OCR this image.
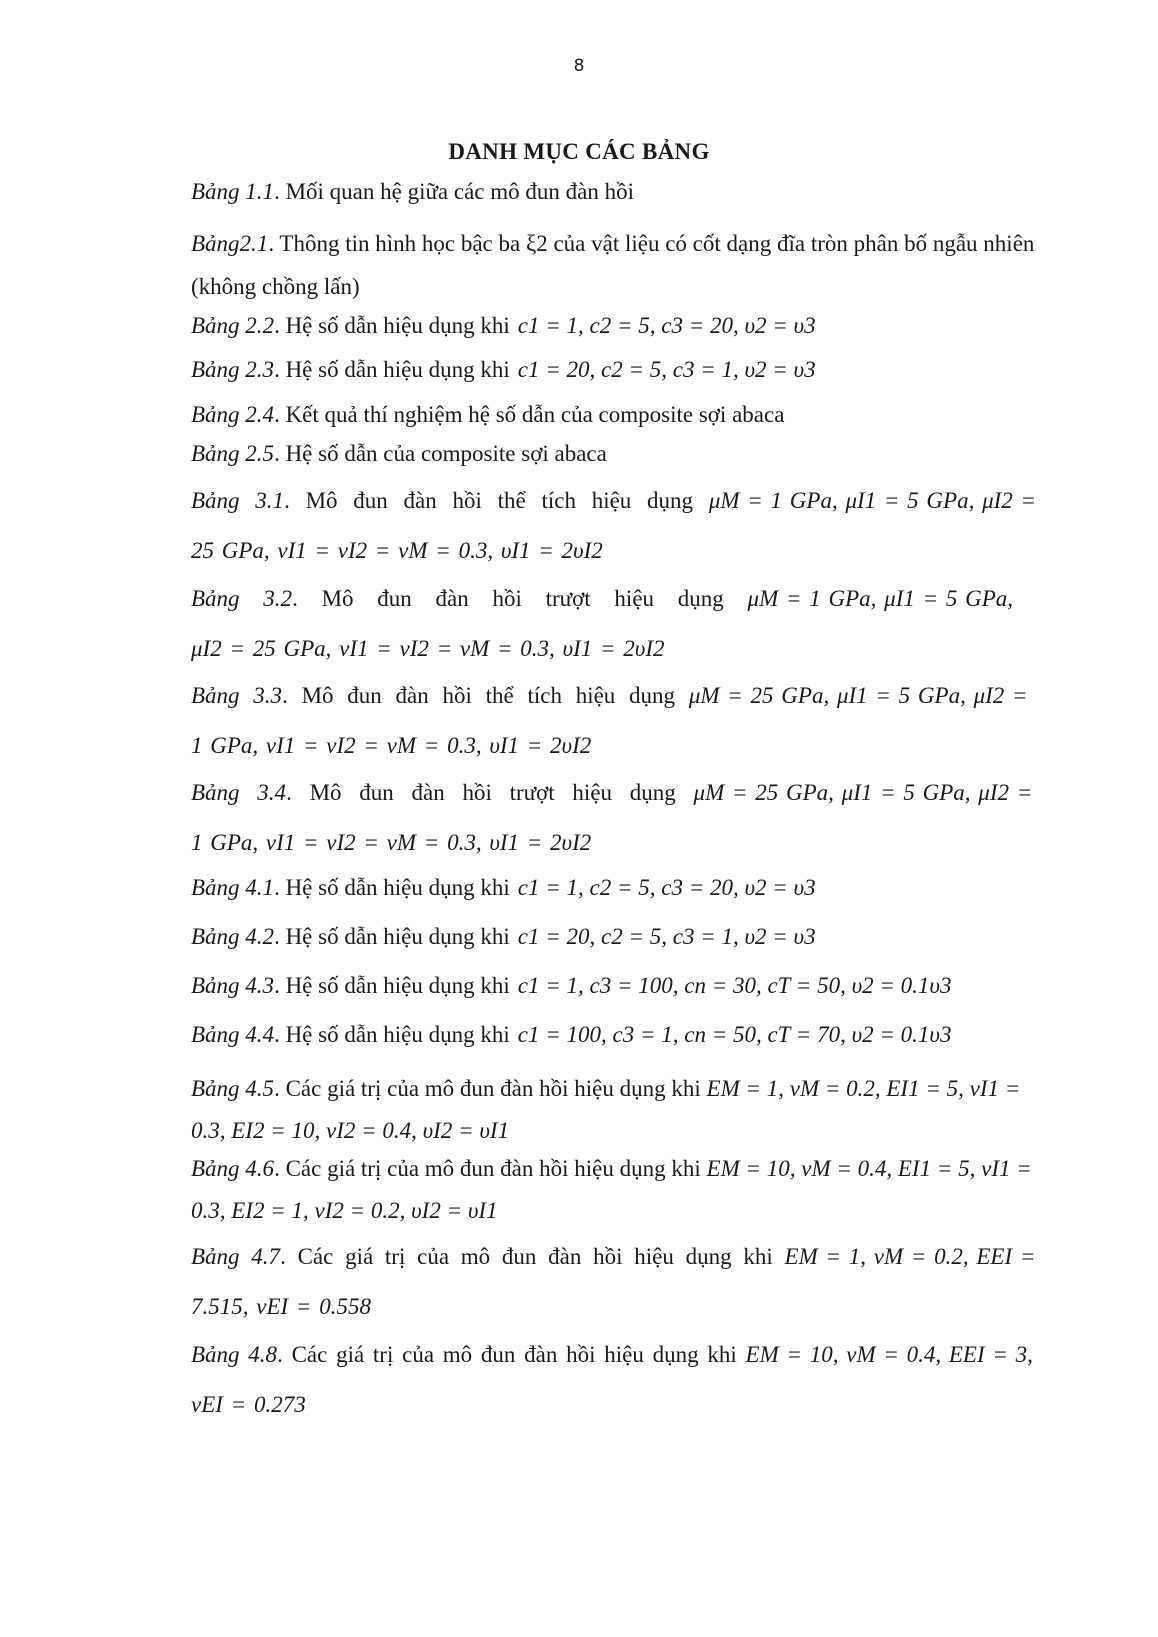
8
DANH MỤC CÁC BẢNG
Bảng 1.1. Mối quan hệ giữa các mô đun đàn hồi
Bảng2.1. Thông tin hình học bậc ba ξ2 của vật liệu có cốt dạng đĩa tròn phân bố ngẫu nhiên (không chồng lấn)
Bảng 2.2. Hệ số dẫn hiệu dụng khi c1 = 1, c2 = 5, c3 = 20, υ2 = υ3
Bảng 2.3. Hệ số dẫn hiệu dụng khi c1 = 20, c2 = 5, c3 = 1, υ2 = υ3
Bảng 2.4. Kết quả thí nghiệm hệ số dẫn của composite sợi abaca
Bảng 2.5. Hệ số dẫn của composite sợi abaca
Bảng 3.1. Mô đun đàn hồi thể tích hiệu dụng μM = 1 GPa, μI1 = 5 GPa, μI2 = 25 GPa, νI1 = νI2 = νM = 0.3, υI1 = 2υI2
Bảng 3.2. Mô đun đàn hồi trượt hiệu dụng μM = 1 GPa, μI1 = 5 GPa, μI2 = 25 GPa, νI1 = νI2 = νM = 0.3, υI1 = 2υI2
Bảng 3.3. Mô đun đàn hồi thể tích hiệu dụng μM = 25 GPa, μI1 = 5 GPa, μI2 = 1 GPa, νI1 = νI2 = νM = 0.3, υI1 = 2υI2
Bảng 3.4. Mô đun đàn hồi trượt hiệu dụng μM = 25 GPa, μI1 = 5 GPa, μI2 = 1 GPa, νI1 = νI2 = νM = 0.3, υI1 = 2υI2
Bảng 4.1. Hệ số dẫn hiệu dụng khi c1 = 1, c2 = 5, c3 = 20, υ2 = υ3
Bảng 4.2. Hệ số dẫn hiệu dụng khi c1 = 20, c2 = 5, c3 = 1, υ2 = υ3
Bảng 4.3. Hệ số dẫn hiệu dụng khi c1 = 1, c3 = 100, cn = 30, cT = 50, υ2 = 0.1υ3
Bảng 4.4. Hệ số dẫn hiệu dụng khi c1 = 100, c3 = 1, cn = 50, cT = 70, υ2 = 0.1υ3
Bảng 4.5. Các giá trị của mô đun đàn hồi hiệu dụng khi EM = 1, νM = 0.2, EI1 = 5, νI1 = 0.3, EI2 = 10, νI2 = 0.4, υI2 = υI1
Bảng 4.6. Các giá trị của mô đun đàn hồi hiệu dụng khi EM = 10, νM = 0.4, EI1 = 5, νI1 = 0.3, EI2 = 1, νI2 = 0.2, υI2 = υI1
Bảng 4.7. Các giá trị của mô đun đàn hồi hiệu dụng khi EM = 1, νM = 0.2, EEI = 7.515, νEI = 0.558
Bảng 4.8. Các giá trị của mô đun đàn hồi hiệu dụng khi EM = 10, νM = 0.4, EEI = 3, νEI = 0.273
